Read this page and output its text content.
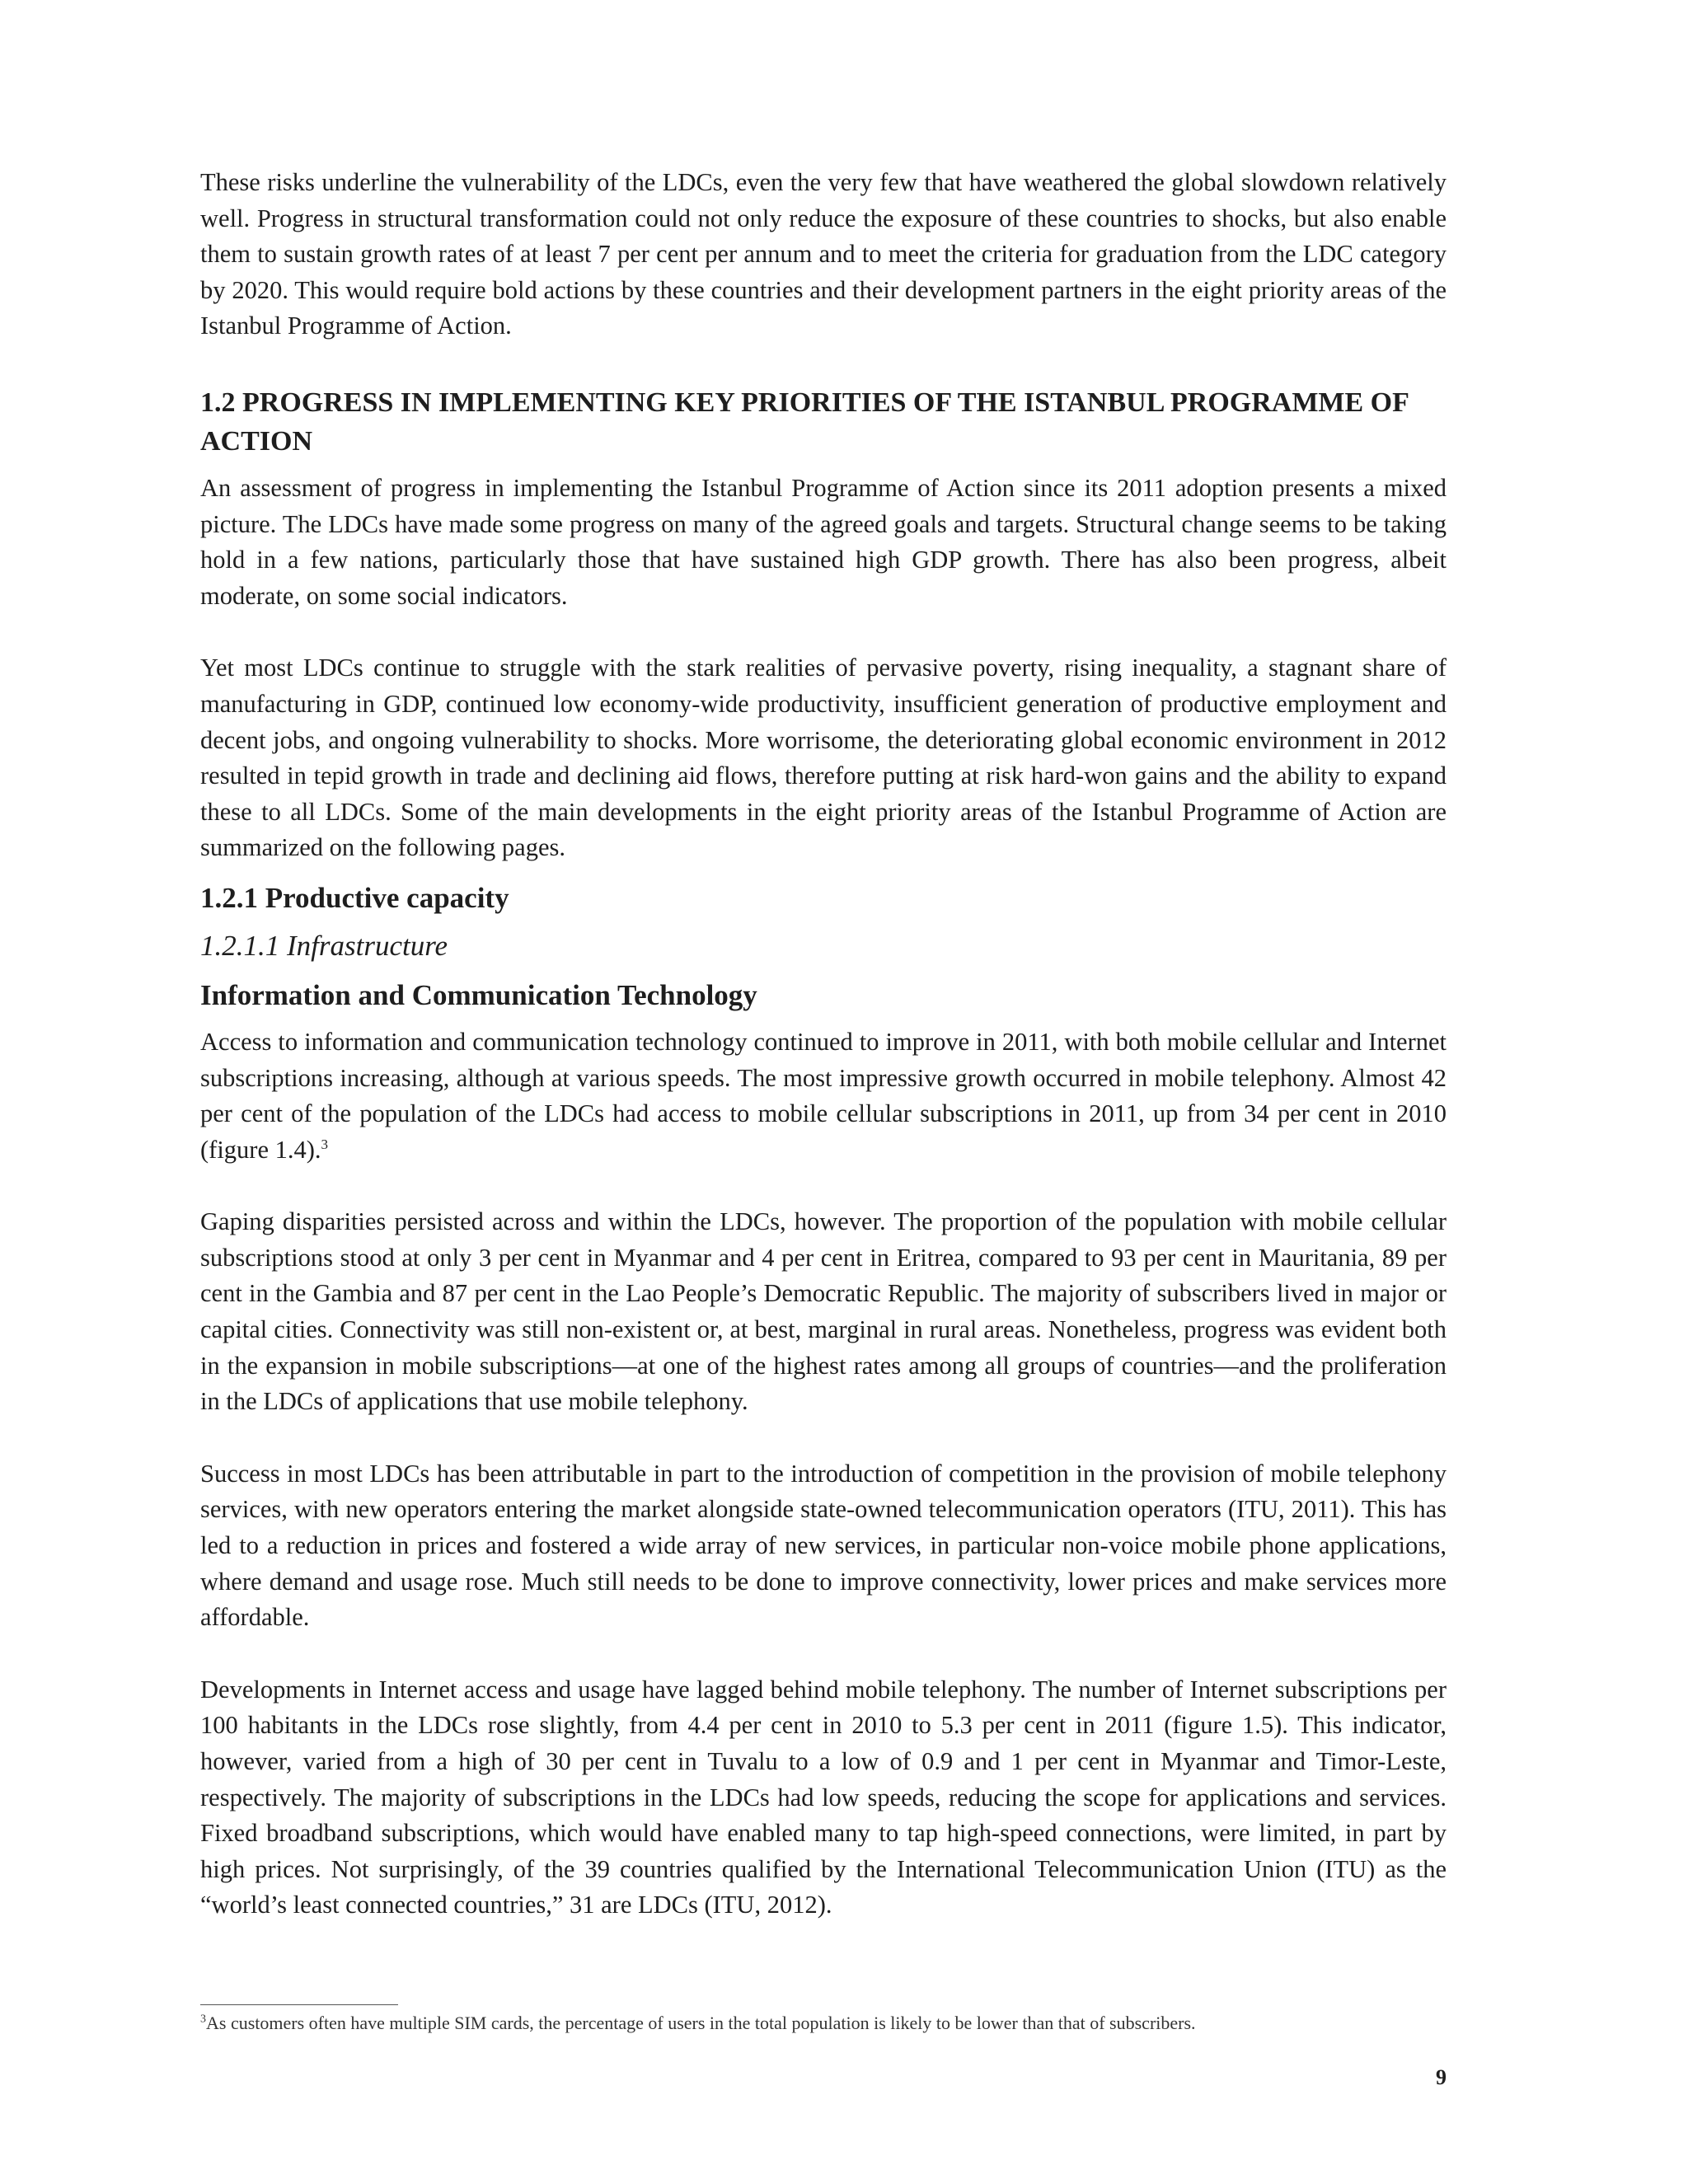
These risks underline the vulnerability of the LDCs, even the very few that have weathered the global slowdown relatively well. Progress in structural transformation could not only reduce the exposure of these countries to shocks, but also enable them to sustain growth rates of at least 7 per cent per annum and to meet the criteria for graduation from the LDC category by 2020. This would require bold actions by these countries and their development partners in the eight priority areas of the Istanbul Programme of Action.

1.2 PROGRESS IN IMPLEMENTING KEY PRIORITIES OF THE ISTANBUL PROGRAMME OF ACTION

An assessment of progress in implementing the Istanbul Programme of Action since its 2011 adoption presents a mixed picture. The LDCs have made some progress on many of the agreed goals and targets. Structural change seems to be taking hold in a few nations, particularly those that have sustained high GDP growth. There has also been progress, albeit moderate, on some social indicators.

Yet most LDCs continue to struggle with the stark realities of pervasive poverty, rising inequality, a stagnant share of manufacturing in GDP, continued low economy-wide productivity, insufficient generation of productive employment and decent jobs, and ongoing vulnerability to shocks. More worrisome, the deteriorating global economic environment in 2012 resulted in tepid growth in trade and declining aid flows, therefore putting at risk hard-won gains and the ability to expand these to all LDCs. Some of the main developments in the eight priority areas of the Istanbul Programme of Action are summarized on the following pages.

1.2.1 Productive capacity
1.2.1.1 Infrastructure
Information and Communication Technology

Access to information and communication technology continued to improve in 2011, with both mobile cellular and Internet subscriptions increasing, although at various speeds. The most impressive growth occurred in mobile telephony. Almost 42 per cent of the population of the LDCs had access to mobile cellular subscriptions in 2011, up from 34 per cent in 2010 (figure 1.4).$^3$

Gaping disparities persisted across and within the LDCs, however. The proportion of the population with mobile cellular subscriptions stood at only 3 per cent in Myanmar and 4 per cent in Eritrea, compared to 93 per cent in Mauritania, 89 per cent in the Gambia and 87 per cent in the Lao People’s Democratic Republic. The majority of subscribers lived in major or capital cities. Connectivity was still non-existent or, at best, marginal in rural areas. Nonetheless, progress was evident both in the expansion in mobile subscriptions—at one of the highest rates among all groups of countries—and the proliferation in the LDCs of applications that use mobile telephony.

Success in most LDCs has been attributable in part to the introduction of competition in the provision of mobile telephony services, with new operators entering the market alongside state-owned telecommunication operators (ITU, 2011). This has led to a reduction in prices and fostered a wide array of new services, in particular non-voice mobile phone applications, where demand and usage rose. Much still needs to be done to improve connectivity, lower prices and make services more affordable.

Developments in Internet access and usage have lagged behind mobile telephony. The number of Internet subscriptions per 100 habitants in the LDCs rose slightly, from 4.4 per cent in 2010 to 5.3 per cent in 2011 (figure 1.5). This indicator, however, varied from a high of 30 per cent in Tuvalu to a low of 0.9 and 1 per cent in Myanmar and Timor-Leste, respectively. The majority of subscriptions in the LDCs had low speeds, reducing the scope for applications and services. Fixed broadband subscriptions, which would have enabled many to tap high-speed connections, were limited, in part by high prices. Not surprisingly, of the 39 countries qualified by the International Telecommunication Union (ITU) as the “world’s least connected countries,” 31 are LDCs (ITU, 2012).

$^3$As customers often have multiple SIM cards, the percentage of users in the total population is likely to be lower than that of subscribers.
9
